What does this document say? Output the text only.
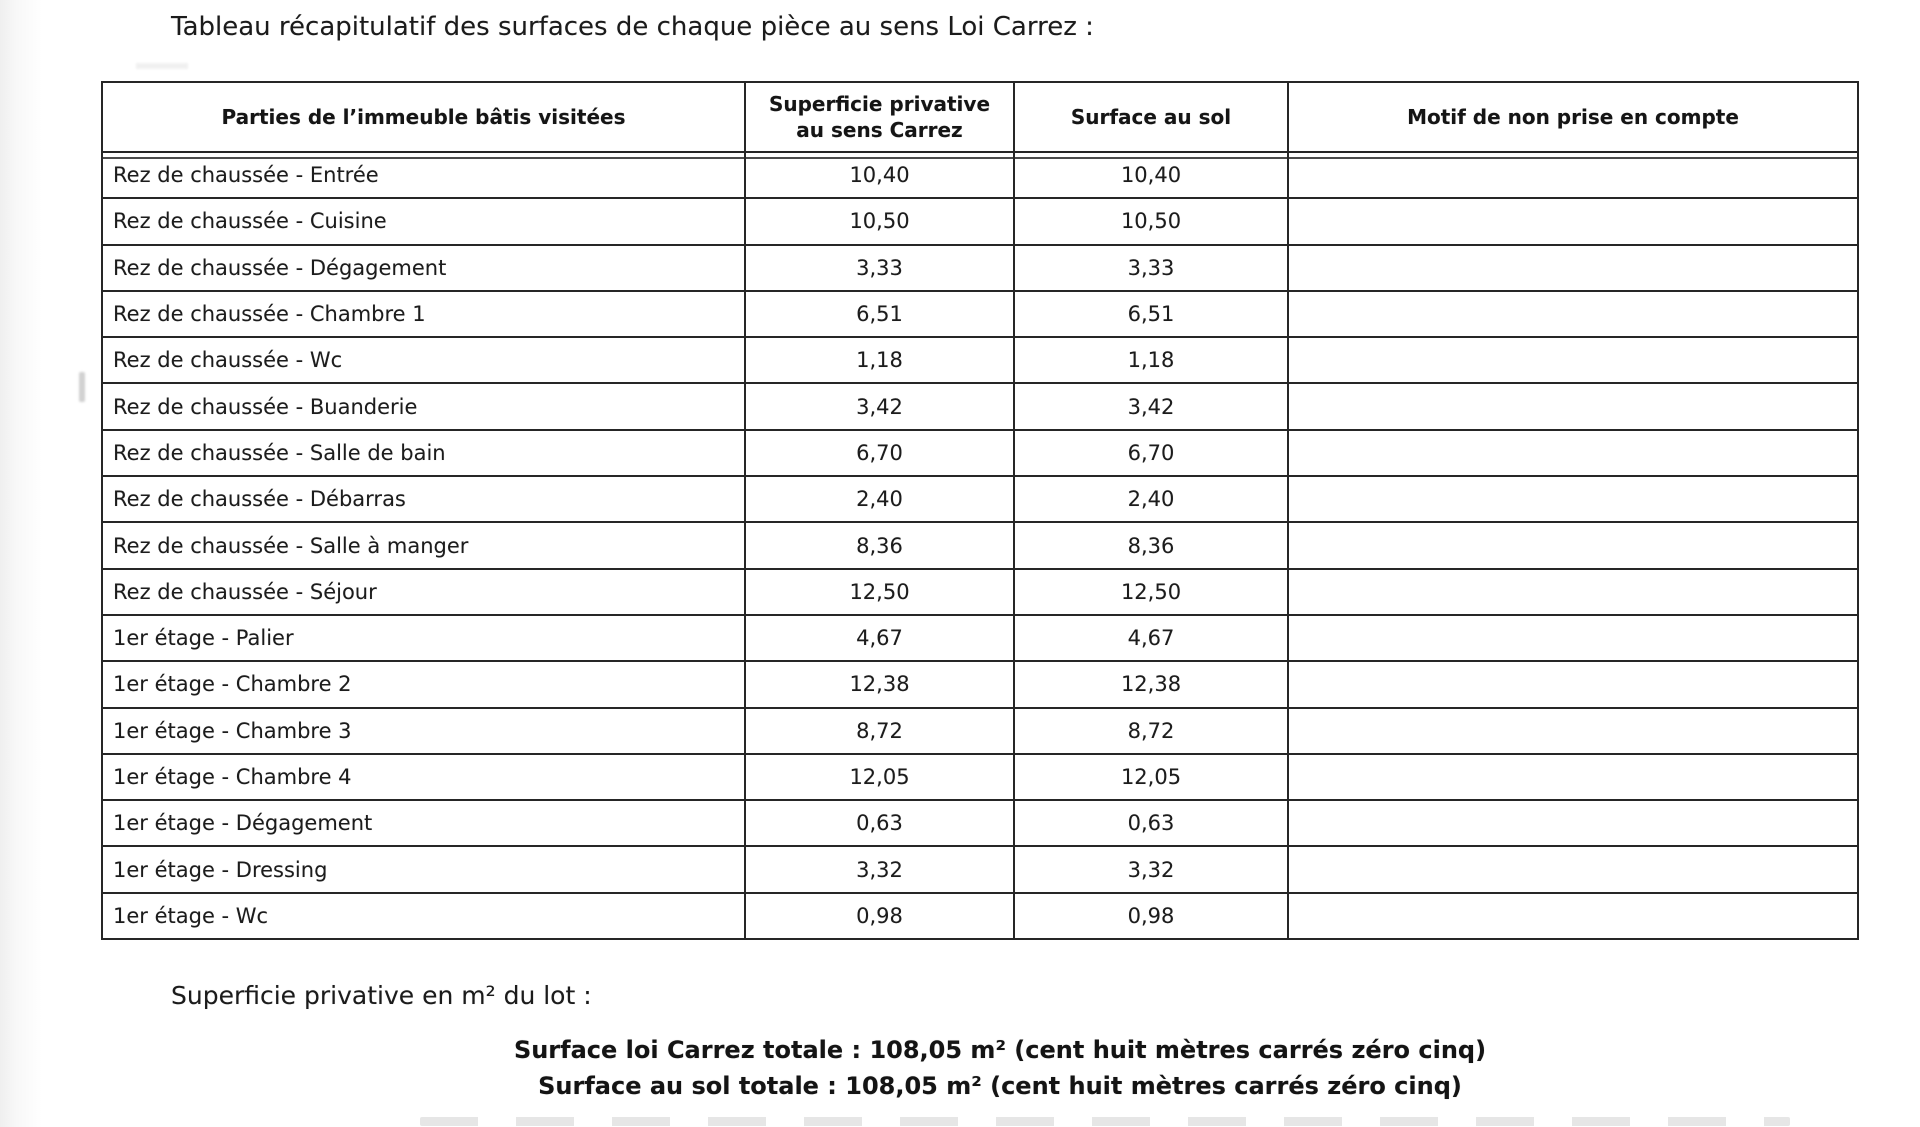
Tableau récapitulatif des surfaces de chaque pièce au sens Loi Carrez :
Parties de l’immeuble bâtis visitées	Superficie privative au sens Carrez	Surface au sol	Motif de non prise en compte
Rez de chaussée - Entrée	10,40	10,40	
Rez de chaussée - Cuisine	10,50	10,50	
Rez de chaussée - Dégagement	3,33	3,33	
Rez de chaussée - Chambre 1	6,51	6,51	
Rez de chaussée - Wc	1,18	1,18	
Rez de chaussée - Buanderie	3,42	3,42	
Rez de chaussée - Salle de bain	6,70	6,70	
Rez de chaussée - Débarras	2,40	2,40	
Rez de chaussée - Salle à manger	8,36	8,36	
Rez de chaussée - Séjour	12,50	12,50	
1er étage - Palier	4,67	4,67	
1er étage - Chambre 2	12,38	12,38	
1er étage - Chambre 3	8,72	8,72	
1er étage - Chambre 4	12,05	12,05	
1er étage - Dégagement	0,63	0,63	
1er étage - Dressing	3,32	3,32	
1er étage - Wc	0,98	0,98	
Superficie privative en m² du lot :
Surface loi Carrez totale : 108,05 m² (cent huit mètres carrés zéro cinq)
Surface au sol totale : 108,05 m² (cent huit mètres carrés zéro cinq)
